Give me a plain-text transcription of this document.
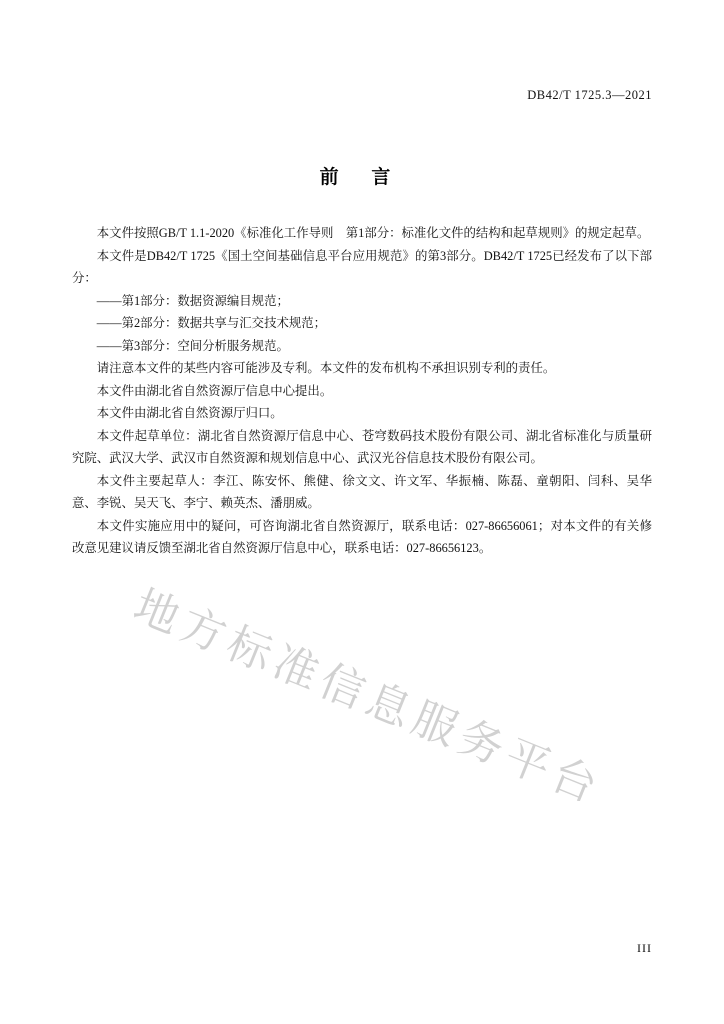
DB42/T 1725.3—2021
前 言

本文件按照GB/T 1.1-2020《标准化工作导则　第1部分：标准化文件的结构和起草规则》的规定起草。

本文件是DB42/T 1725《国土空间基础信息平台应用规范》的第3部分。DB42/T 1725已经发布了以下部分：

——第1部分：数据资源编目规范；

——第2部分：数据共享与汇交技术规范；

——第3部分：空间分析服务规范。

请注意本文件的某些内容可能涉及专利。本文件的发布机构不承担识别专利的责任。

本文件由湖北省自然资源厅信息中心提出。

本文件由湖北省自然资源厅归口。

本文件起草单位：湖北省自然资源厅信息中心、苍穹数码技术股份有限公司、湖北省标准化与质量研究院、武汉大学、武汉市自然资源和规划信息中心、武汉光谷信息技术股份有限公司。

本文件主要起草人：李江、陈安怀、熊健、徐文文、许文军、华振楠、陈磊、童朝阳、闫科、吴华意、李锐、吴天飞、李宁、赖英杰、潘朋威。

本文件实施应用中的疑问，可咨询湖北省自然资源厅，联系电话：027-86656061；对本文件的有关修改意见建议请反馈至湖北省自然资源厅信息中心，联系电话：027-86656123。

地方标准信息服务平台
III
